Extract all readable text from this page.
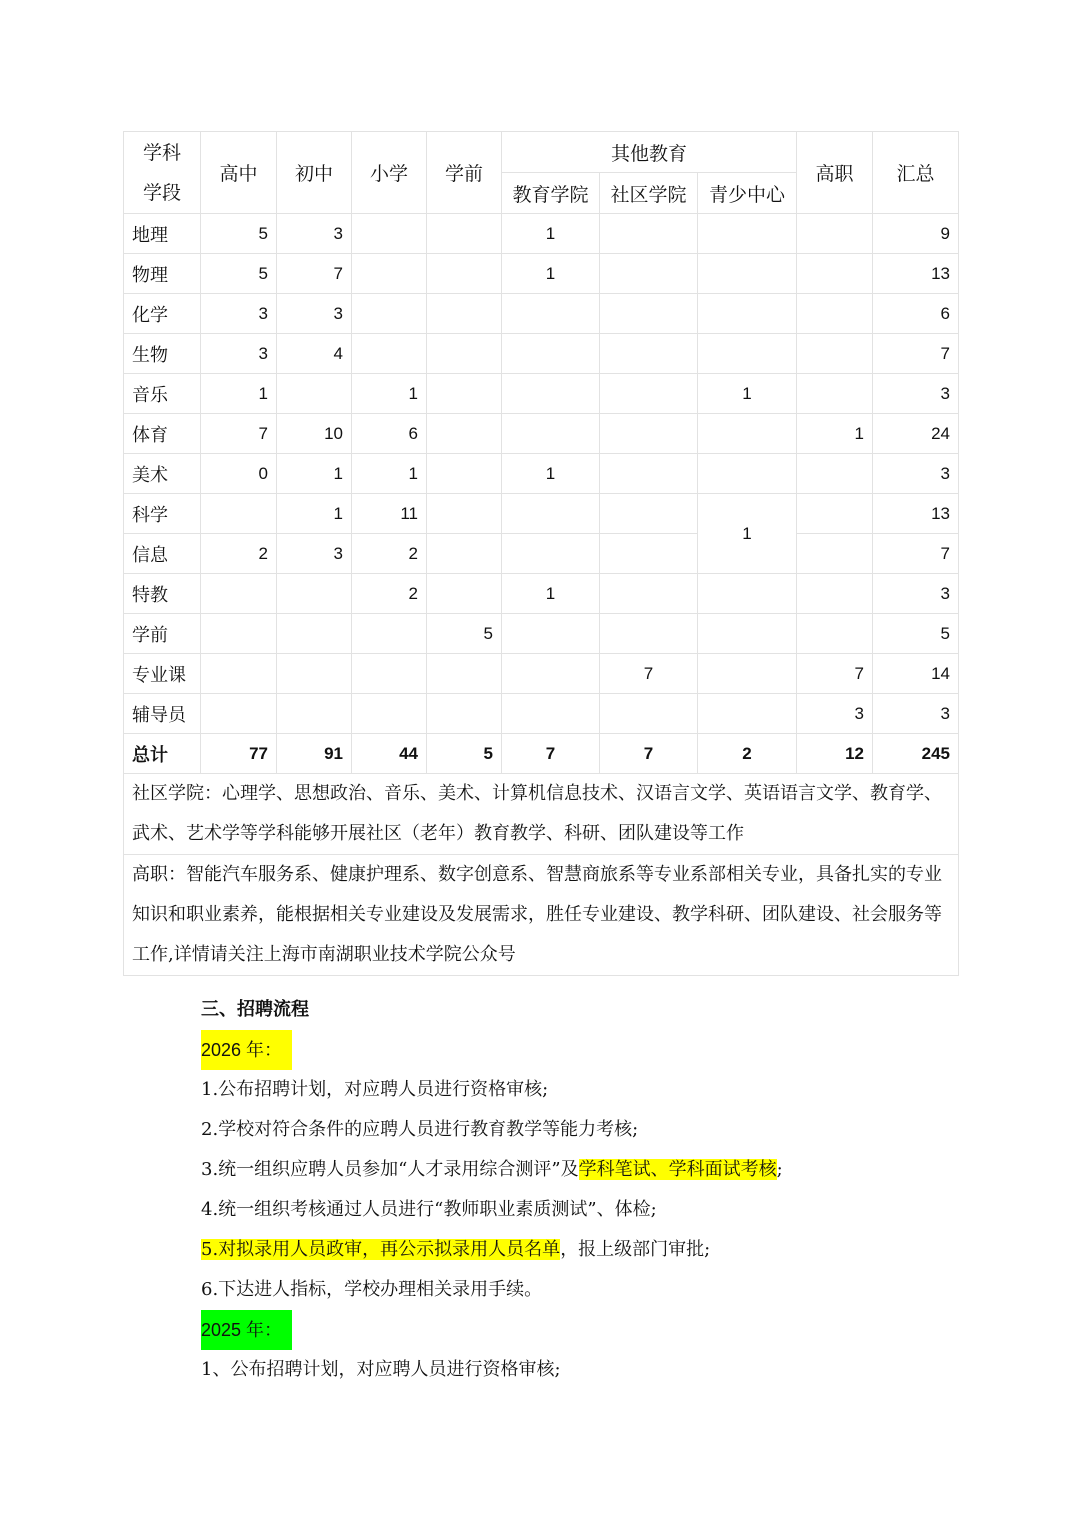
学科
学段	高中	初中	小学	学前	其他教育			高职	汇总
					教育学院	社区学院	青少中心		
地理	5	3			1				9
物理	5	7			1				13
化学	3	3							6
生物	3	4							7
音乐	1		1				1		3
体育	7	10	6					1	24
美术	0	1	1		1				3
科学		1	11				1		13
信息	2	3	2						7
特教			2		1				3
学前				5					5
专业课						7		7	14
辅导员								3	3
总计	77	91	44	5	7	7	2	12	245
社区学院：心理学、思想政治、音乐、美术、计算机信息技术、汉语言文学、英语语言文学、教育学、武术、艺术学等学科能够开展社区（老年）教育教学、科研、团队建设等工作									
高职：智能汽车服务系、健康护理系、数字创意系、智慧商旅系等专业系部相关专业，具备扎实的专业知识和职业素养，能根据相关专业建设及发展需求，胜任专业建设、教学科研、团队建设、社会服务等工作,详情请关注上海市南湖职业技术学院公众号									
三、招聘流程
2026 年：
1.公布招聘计划，对应聘人员进行资格审核;
2.学校对符合条件的应聘人员进行教育教学等能力考核;
3.统一组织应聘人员参加“人才录用综合测评”及学科笔试、学科面试考核;
4.统一组织考核通过人员进行“教师职业素质测试”、体检;
5.对拟录用人员政审，再公示拟录用人员名单，报上级部门审批;
6.下达进人指标，学校办理相关录用手续。
2025 年：
1、公布招聘计划，对应聘人员进行资格审核;
